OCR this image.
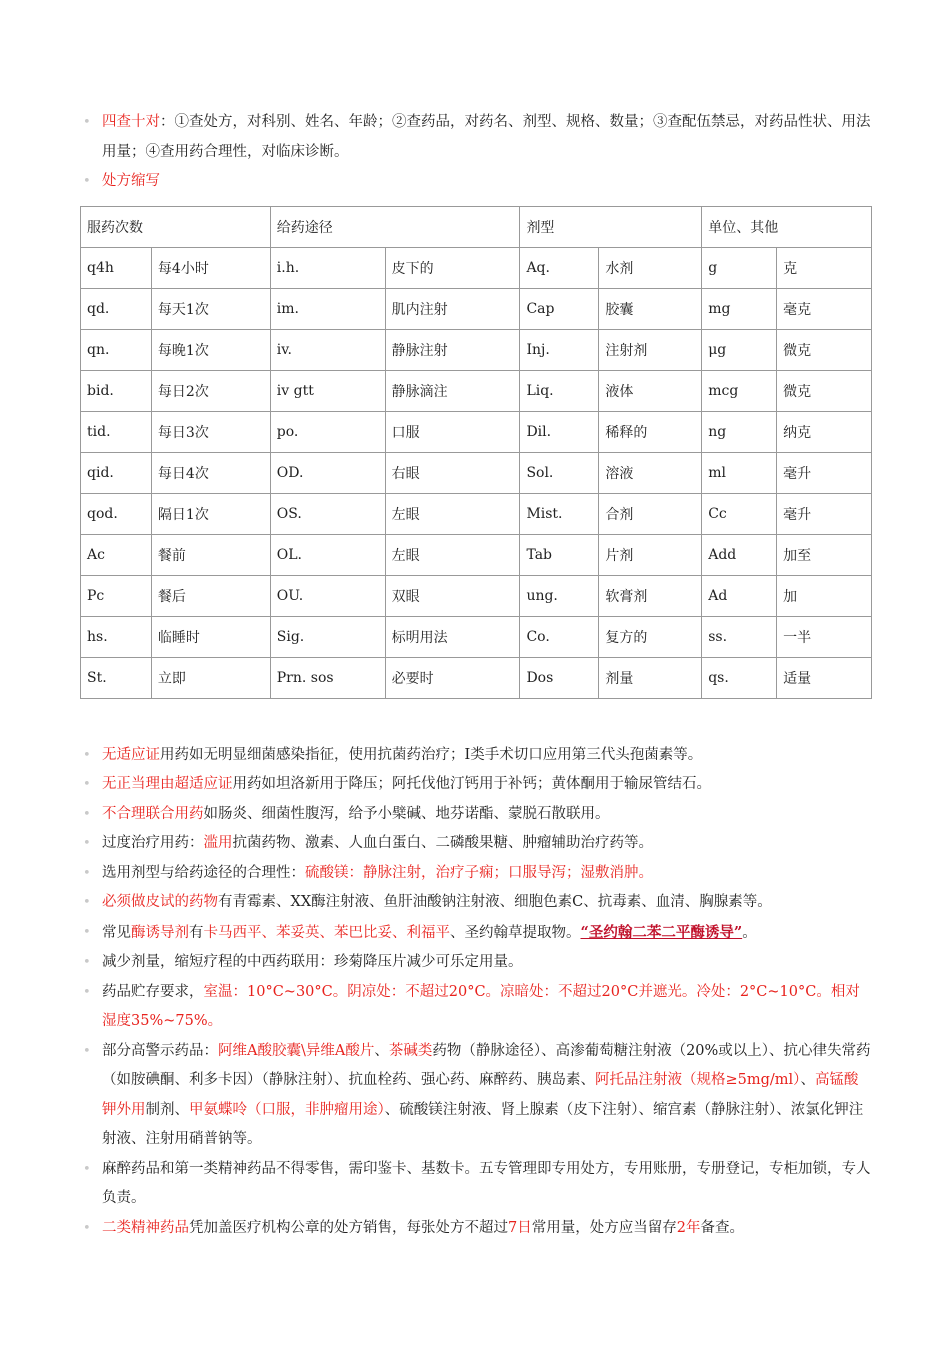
• 四查十对：①查处方，对科别、姓名、年龄；②查药品，对药名、剂型、规格、数量；③查配伍禁忌，对药品性状、用法用量；④查用药合理性，对临床诊断。
• 处方缩写
服药次数		给药途径		剂型		单位、其他	
q4h	每4小时	i.h.	皮下的	Aq.	水剂	g	克
qd.	每天1次	im.	肌内注射	Cap	胶囊	mg	毫克
qn.	每晚1次	iv.	静脉注射	Inj.	注射剂	μg	微克
bid.	每日2次	iv gtt	静脉滴注	Liq.	液体	mcg	微克
tid.	每日3次	po.	口服	Dil.	稀释的	ng	纳克
qid.	每日4次	OD.	右眼	Sol.	溶液	ml	毫升
qod.	隔日1次	OS.	左眼	Mist.	合剂	Cc	毫升
Ac	餐前	OL.	左眼	Tab	片剂	Add	加至
Pc	餐后	OU.	双眼	ung.	软膏剂	Ad	加
hs.	临睡时	Sig.	标明用法	Co.	复方的	ss.	一半
St.	立即	Prn. sos	必要时	Dos	剂量	qs.	适量
• 无适应证用药如无明显细菌感染指征，使用抗菌药治疗；I类手术切口应用第三代头孢菌素等。
• 无正当理由超适应证用药如坦洛新用于降压；阿托伐他汀钙用于补钙；黄体酮用于输尿管结石。
• 不合理联合用药如肠炎、细菌性腹泻，给予小檗碱、地芬诺酯、蒙脱石散联用。
• 过度治疗用药：滥用抗菌药物、激素、人血白蛋白、二磷酸果糖、肿瘤辅助治疗药等。
• 选用剂型与给药途径的合理性：硫酸镁：静脉注射，治疗子痫；口服导泻；湿敷消肿。
• 必须做皮试的药物有青霉素、XX酶注射液、鱼肝油酸钠注射液、细胞色素C、抗毒素、血清、胸腺素等。
• 常见酶诱导剂有卡马西平、苯妥英、苯巴比妥、利福平、圣约翰草提取物。“圣约翰二苯二平酶诱导”。
• 减少剂量，缩短疗程的中西药联用：珍菊降压片减少可乐定用量。
• 药品贮存要求，室温：10°C~30°C。阴凉处：不超过20°C。凉暗处：不超过20°C并遮光。冷处：2°C~10°C。相对湿度35%~75%。
• 部分高警示药品：阿维A酸胶囊\异维A酸片、茶碱类药物（静脉途径）、高渗葡萄糖注射液（20%或以上）、抗心律失常药（如胺碘酮、利多卡因）（静脉注射）、抗血栓药、强心药、麻醉药、胰岛素、阿托品注射液（规格≥5mg/ml）、高锰酸钾外用制剂、甲氨蝶呤（口服，非肿瘤用途）、硫酸镁注射液、肾上腺素（皮下注射）、缩宫素（静脉注射）、浓氯化钾注射液、注射用硝普钠等。
• 麻醉药品和第一类精神药品不得零售，需印鉴卡、基数卡。五专管理即专用处方，专用账册，专册登记，专柜加锁，专人负责。
• 二类精神药品凭加盖医疗机构公章的处方销售，每张处方不超过7日常用量，处方应当留存2年备查。
